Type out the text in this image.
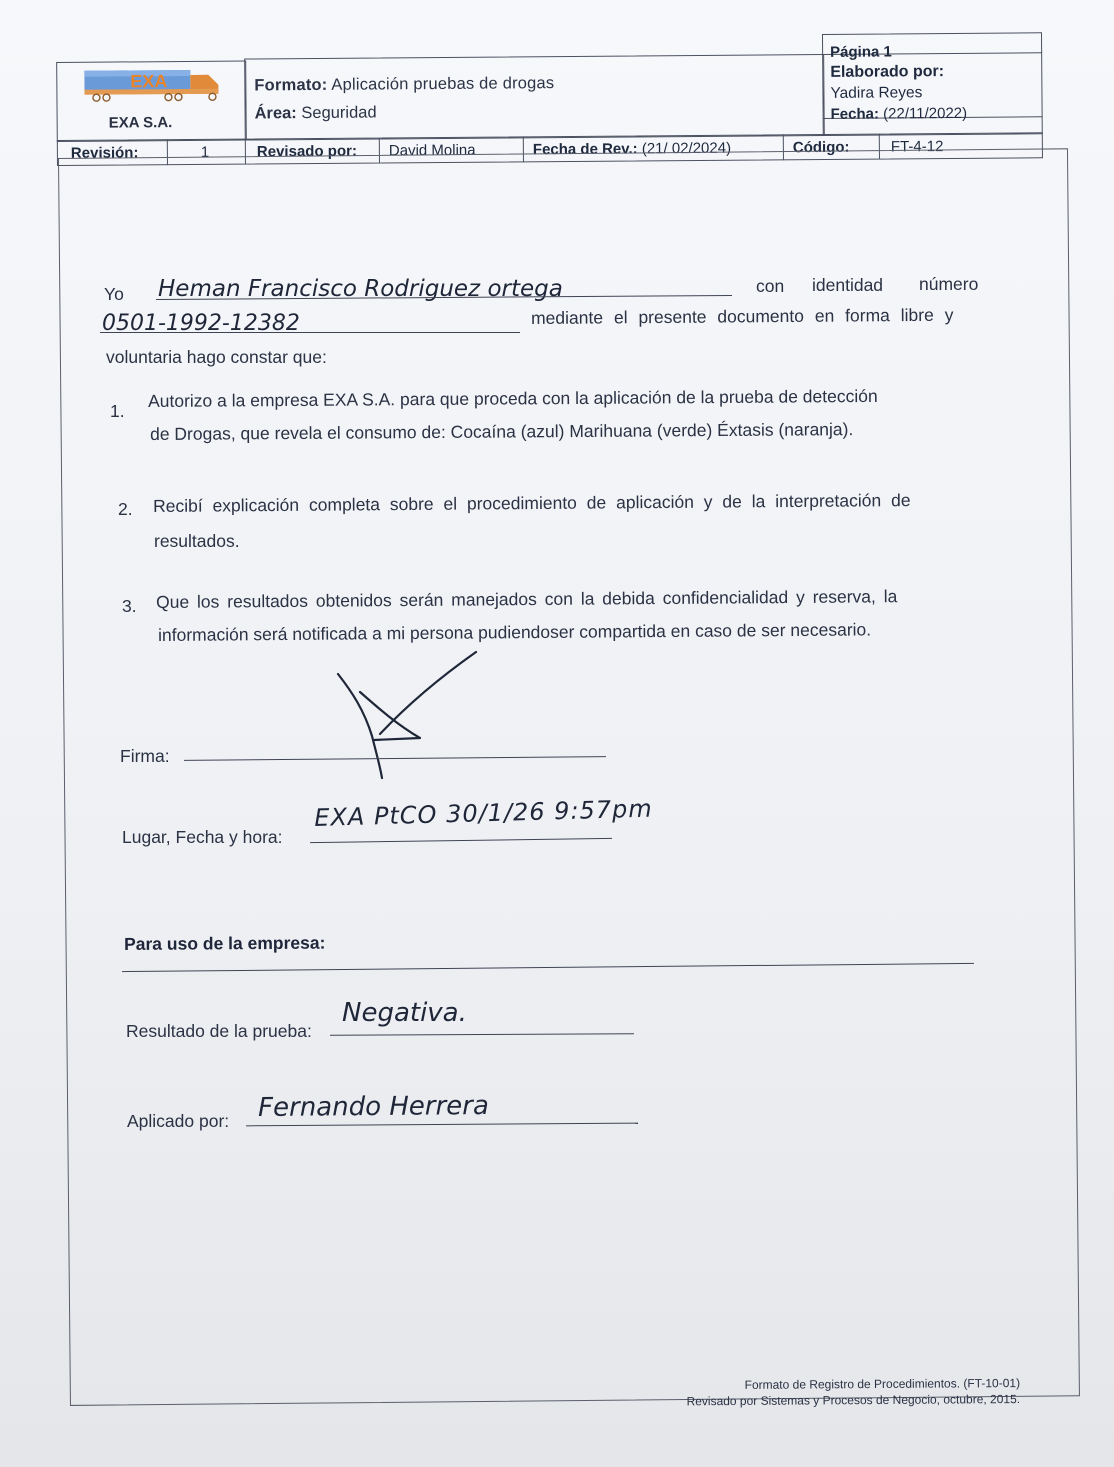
EXA
EXA S.A.
Formato: Aplicación pruebas de drogas
Área: Seguridad
Página 1
Elaborado por:
Yadira Reyes
Fecha: (22/11/2022)
Revisión:	1	Revisado por: David Molina	Fecha de Rev.: (21/ 02/2024)	Código:	FT-4-12
Yo Heman Francisco Rodriguez ortega	con identidad número
0501-1992-12382	mediante el presente documento en forma libre y
voluntaria hago constar que:
1.
Autorizo a la empresa EXA S.A. para que proceda con la aplicación de la prueba de detección
de Drogas, que revela el consumo de: Cocaína (azul) Marihuana (verde) Éxtasis (naranja).
2. Recibí explicación completa sobre el procedimiento de aplicación y de la interpretación de
resultados.
3. Que los resultados obtenidos serán manejados con la debida confidencialidad y reserva, la
información será notificada a mi persona pudiendoser compartida en caso de ser necesario.
Firma:
Lugar, Fecha y hora:
EXA PtCO 30/1/26 9:57pm
Para uso de la empresa:
Resultado de la prueba:
Negativa.
Aplicado por: Fernando Herrera
Formato de Registro de Procedimientos. (FT-10-01)
Revisado por Sistemas y Procesos de Negocio, octubre, 2015.
